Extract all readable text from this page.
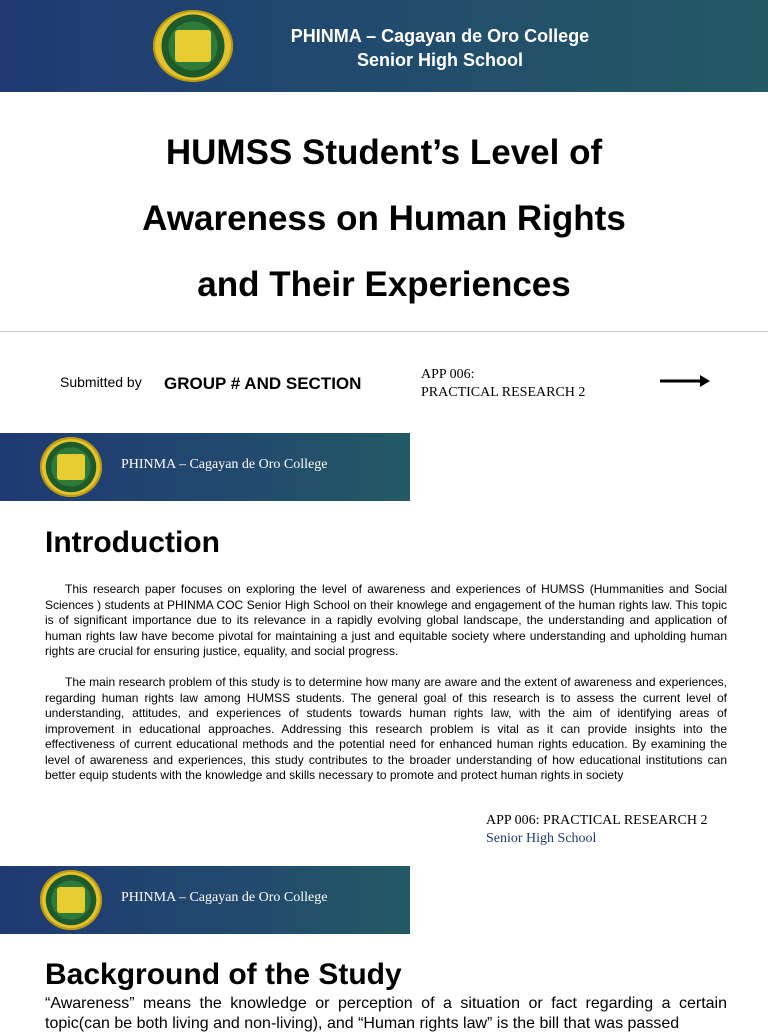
PHINMA – Cagayan de Oro College
Senior High School
HUMSS Student’s Level of
Awareness on Human Rights
and Their Experiences
Submitted by GROUP # AND SECTION	APP 006:
PRACTICAL RESEARCH 2
PHINMA – Cagayan de Oro College
Introduction

This research paper focuses on exploring the level of awareness and experiences of HUMSS (Hummanities and Social Sciences ) students at PHINMA COC Senior High School on their knowlege and engagement of the human rights law. This topic is of significant importance due to its relevance in a rapidly evolving global landscape, the understanding and application of human rights law have become pivotal for maintaining a just and equitable society where understanding and upholding human rights are crucial for ensuring justice, equality, and social progress.

The main research problem of this study is to determine how many are aware and the extent of awareness and experiences, regarding human rights law among HUMSS students. The general goal of this research is to assess the current level of understanding, attitudes, and experiences of students towards human rights law, with the aim of identifying areas of improvement in educational approaches. Addressing this research problem is vital as it can provide insights into the effectiveness of current educational methods and the potential need for enhanced human rights education. By examining the level of awareness and experiences, this study contributes to the broader understanding of how educational institutions can better equip students with the knowledge and skills necessary to promote and protect human rights in society

APP 006: PRACTICAL RESEARCH 2
Senior High School
PHINMA – Cagayan de Oro College
Background of the Study

“Awareness” means the knowledge or perception of a situation or fact regarding a certain topic(can be both living and non-living), and “Human rights law” is the bill that was passed
